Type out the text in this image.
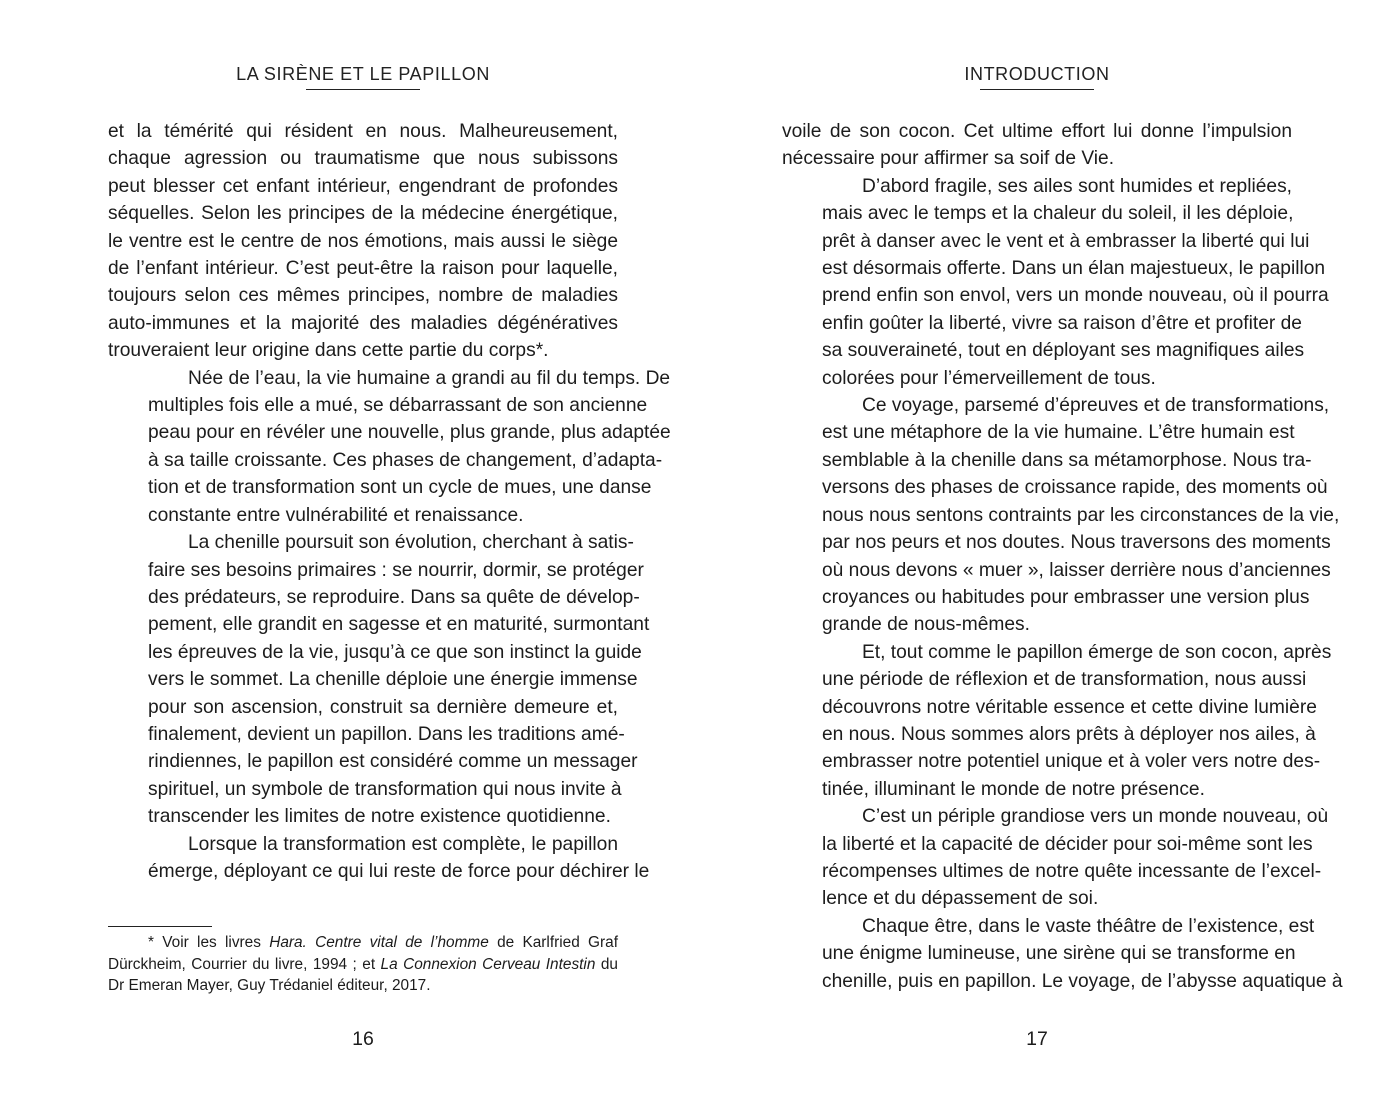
LA SIRÈNE ET LE PAPILLON

et la témérité qui résident en nous. Malheureusement,
chaque agression ou traumatisme que nous subissons
peut blesser cet enfant intérieur, engendrant de profondes
séquelles. Selon les principes de la médecine énergétique,
le ventre est le centre de nos émotions, mais aussi le siège
de l’enfant intérieur. C’est peut-être la raison pour laquelle,
toujours selon ces mêmes principes, nombre de maladies
auto-immunes et la majorité des maladies dégénératives
trouveraient leur origine dans cette partie du corps*.

Née de l’eau, la vie humaine a grandi au fil du temps. De
multiples fois elle a mué, se débarrassant de son ancienne
peau pour en révéler une nouvelle, plus grande, plus adaptée
à sa taille croissante. Ces phases de changement, d’adapta-
tion et de transformation sont un cycle de mues, une danse
constante entre vulnérabilité et renaissance.

La chenille poursuit son évolution, cherchant à satis-
faire ses besoins primaires : se nourrir, dormir, se protéger
des prédateurs, se reproduire. Dans sa quête de dévelop-
pement, elle grandit en sagesse et en maturité, surmontant
les épreuves de la vie, jusqu’à ce que son instinct la guide
vers le sommet. La chenille déploie une énergie immense
pour son ascension, construit sa dernière demeure et,
finalement, devient un papillon. Dans les traditions amé-
rindiennes, le papillon est considéré comme un messager
spirituel, un symbole de transformation qui nous invite à
transcender les limites de notre existence quotidienne.

Lorsque la transformation est complète, le papillon
émerge, déployant ce qui lui reste de force pour déchirer le

* Voir les livres Hara. Centre vital de l’homme de Karlfried Graf
Dürckheim, Courrier du livre, 1994 ; et La Connexion Cerveau Intestin du
Dr Emeran Mayer, Guy Trédaniel éditeur, 2017.
16
INTRODUCTION

voile de son cocon. Cet ultime effort lui donne l’impulsion
nécessaire pour affirmer sa soif de Vie.

D’abord fragile, ses ailes sont humides et repliées,
mais avec le temps et la chaleur du soleil, il les déploie,
prêt à danser avec le vent et à embrasser la liberté qui lui
est désormais offerte. Dans un élan majestueux, le papillon
prend enfin son envol, vers un monde nouveau, où il pourra
enfin goûter la liberté, vivre sa raison d’être et profiter de
sa souveraineté, tout en déployant ses magnifiques ailes
colorées pour l’émerveillement de tous.

Ce voyage, parsemé d’épreuves et de transformations,
est une métaphore de la vie humaine. L’être humain est
semblable à la chenille dans sa métamorphose. Nous tra-
versons des phases de croissance rapide, des moments où
nous nous sentons contraints par les circonstances de la vie,
par nos peurs et nos doutes. Nous traversons des moments
où nous devons « muer », laisser derrière nous d’anciennes
croyances ou habitudes pour embrasser une version plus
grande de nous-mêmes.

Et, tout comme le papillon émerge de son cocon, après
une période de réflexion et de transformation, nous aussi
découvrons notre véritable essence et cette divine lumière
en nous. Nous sommes alors prêts à déployer nos ailes, à
embrasser notre potentiel unique et à voler vers notre des-
tinée, illuminant le monde de notre présence.

C’est un périple grandiose vers un monde nouveau, où
la liberté et la capacité de décider pour soi-même sont les
récompenses ultimes de notre quête incessante de l’excel-
lence et du dépassement de soi.

Chaque être, dans le vaste théâtre de l’existence, est
une énigme lumineuse, une sirène qui se transforme en
chenille, puis en papillon. Le voyage, de l’abysse aquatique à

17
